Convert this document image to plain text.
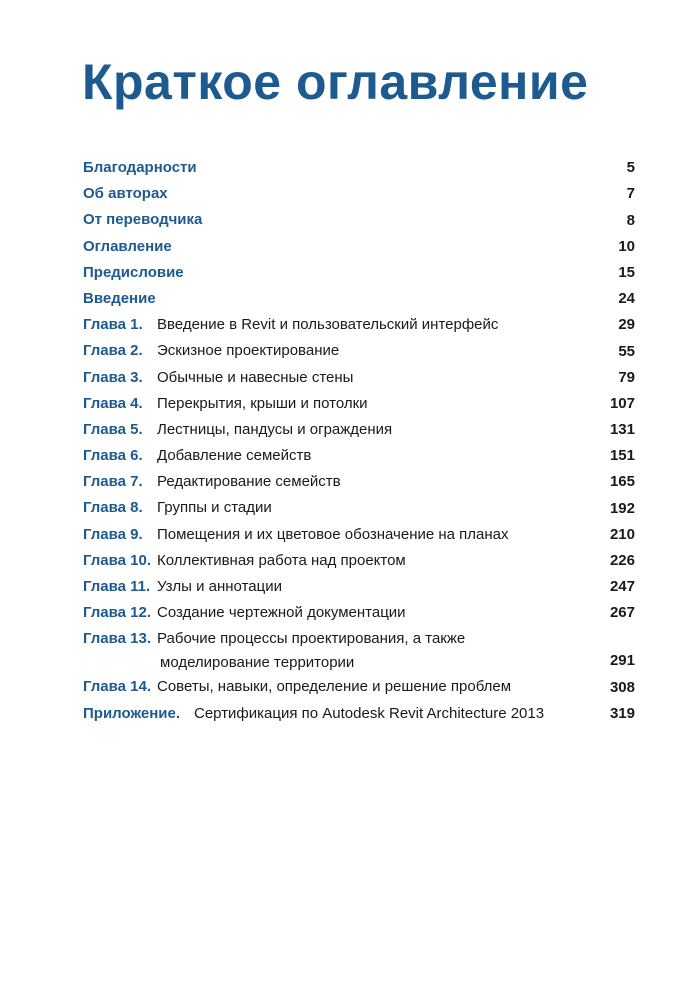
Краткое оглавление
Благодарности	5
Об авторах	7
От переводчика	8
Оглавление	10
Предисловие	15
Введение	24
Глава 1. Введение в Revit и пользовательский интерфейс	29
Глава 2. Эскизное проектирование	55
Глава 3. Обычные и навесные стены	79
Глава 4. Перекрытия, крыши и потолки	107
Глава 5. Лестницы, пандусы и ограждения	131
Глава 6. Добавление семейств	151
Глава 7. Редактирование семейств	165
Глава 8. Группы и стадии	192
Глава 9. Помещения и их цветовое обозначение на планах	210
Глава 10. Коллективная работа над проектом	226
Глава 11. Узлы и аннотации	247
Глава 12. Создание чертежной документации	267
Глава 13. Рабочие процессы проектирования, а также
моделирование территории	291
Глава 14. Советы, навыки, определение и решение проблем	308
Приложение. Сертификация по Autodesk Revit Architecture 2013	319
